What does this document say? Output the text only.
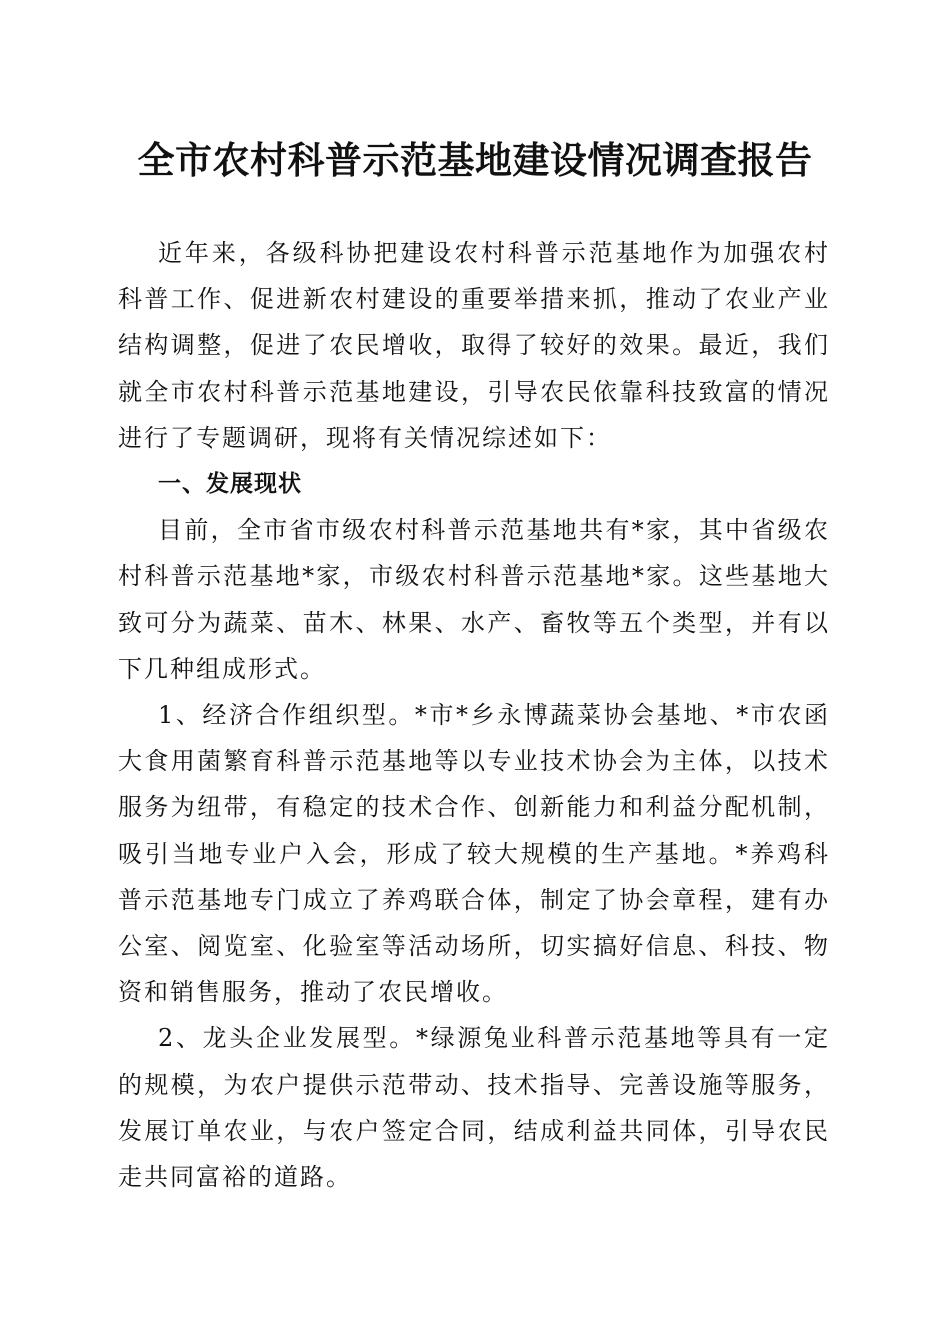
全市农村科普示范基地建设情况调查报告

近年来，各级科协把建设农村科普示范基地作为加强农村科普工作、促进新农村建设的重要举措来抓，推动了农业产业结构调整，促进了农民增收，取得了较好的效果。最近，我们就全市农村科普示范基地建设，引导农民依靠科技致富的情况进行了专题调研，现将有关情况综述如下：

一、发展现状

目前，全市省市级农村科普示范基地共有*家，其中省级农村科普示范基地*家，市级农村科普示范基地*家。这些基地大致可分为蔬菜、苗木、林果、水产、畜牧等五个类型，并有以下几种组成形式。

1、经济合作组织型。*市*乡永博蔬菜协会基地、*市农函大食用菌繁育科普示范基地等以专业技术协会为主体，以技术服务为纽带，有稳定的技术合作、创新能力和利益分配机制，吸引当地专业户入会，形成了较大规模的生产基地。*养鸡科普示范基地专门成立了养鸡联合体，制定了协会章程，建有办公室、阅览室、化验室等活动场所，切实搞好信息、科技、物资和销售服务，推动了农民增收。

2、龙头企业发展型。*绿源兔业科普示范基地等具有一定的规模，为农户提供示范带动、技术指导、完善设施等服务，发展订单农业，与农户签定合同，结成利益共同体，引导农民走共同富裕的道路。
